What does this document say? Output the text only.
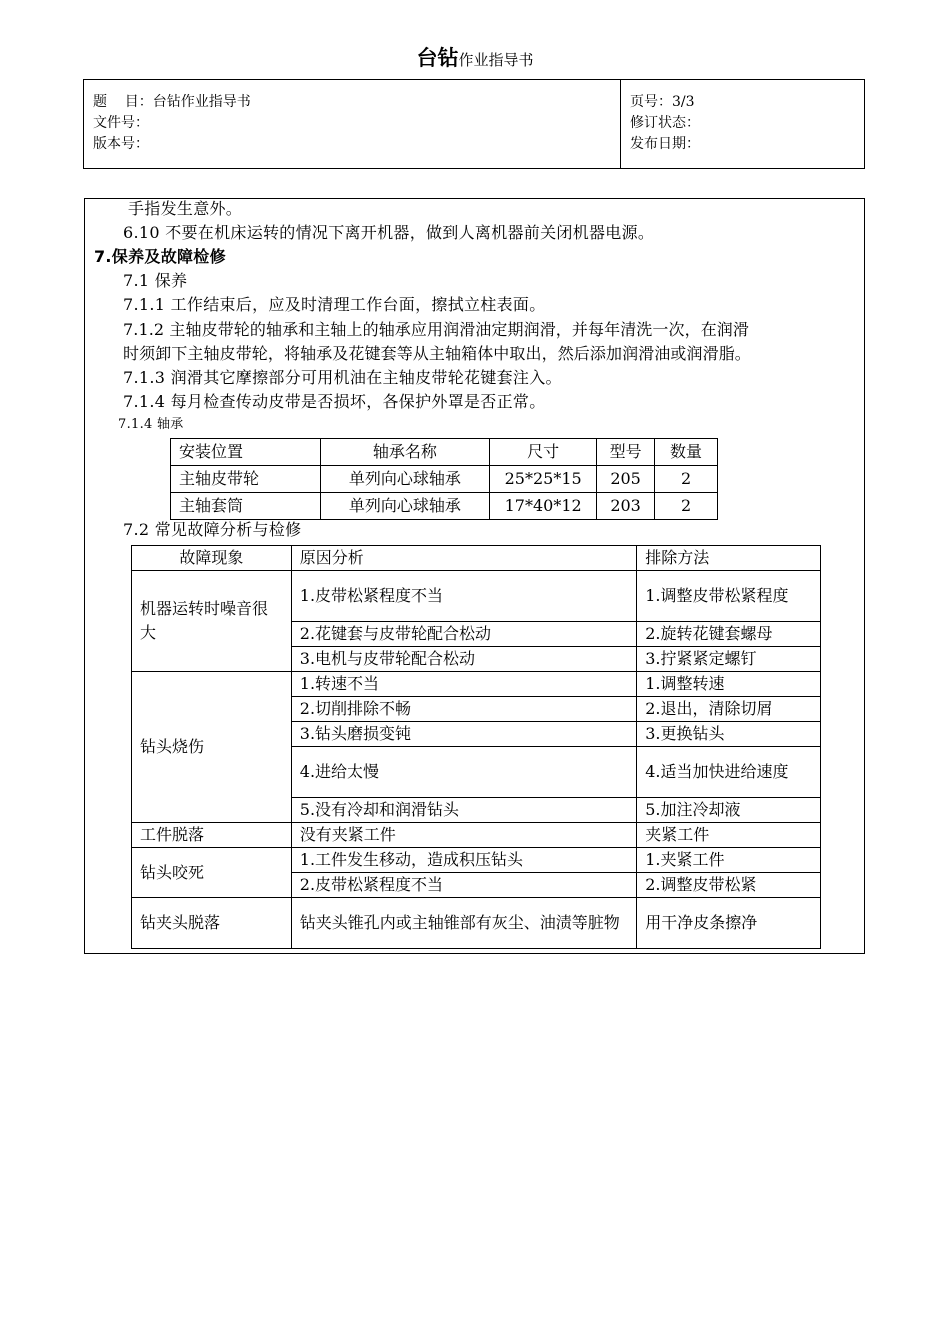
台钻作业指导书
题    目：台钻作业指导书
文件号：
版本号：
页号：3/3
修订状态：
发布日期：
手指发生意外。
6.10 不要在机床运转的情况下离开机器，做到人离机器前关闭机器电源。
7.保养及故障检修
7.1 保养
7.1.1 工作结束后，应及时清理工作台面，擦拭立柱表面。
7.1.2 主轴皮带轮的轴承和主轴上的轴承应用润滑油定期润滑，并每年清洗一次，在润滑
时须卸下主轴皮带轮，将轴承及花键套等从主轴箱体中取出，然后添加润滑油或润滑脂。
7.1.3 润滑其它摩擦部分可用机油在主轴皮带轮花键套注入。
7.1.4 每月检查传动皮带是否损坏，各保护外罩是否正常。
7.1.4 轴承
安装位置	轴承名称	尺寸	型号	数量
主轴皮带轮	单列向心球轴承	25*25*15	205	2
主轴套筒	单列向心球轴承	17*40*12	203	2
7.2 常见故障分析与检修
故障现象	原因分析	排除方法
机器运转时噪音很大	1.皮带松紧程度不当	1.调整皮带松紧程度
	2.花键套与皮带轮配合松动	2.旋转花键套螺母
	3.电机与皮带轮配合松动	3.拧紧紧定螺钉
钻头烧伤	1.转速不当	1.调整转速
	2.切削排除不畅	2.退出，清除切屑
	3.钻头磨损变钝	3.更换钻头
	4.进给太慢	4.适当加快进给速度
	5.没有冷却和润滑钻头	5.加注冷却液
工件脱落	没有夹紧工件	夹紧工件
钻头咬死	1.工件发生移动，造成积压钻头	1.夹紧工件
	2.皮带松紧程度不当	2.调整皮带松紧
钻夹头脱落	钻夹头锥孔内或主轴锥部有灰尘、油渍等脏物	用干净皮条擦净
